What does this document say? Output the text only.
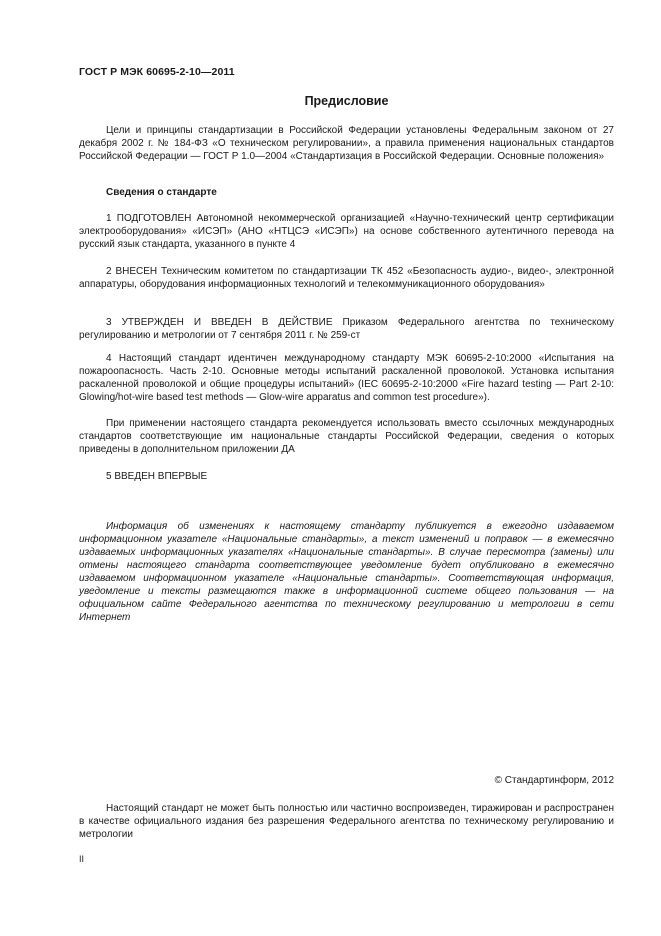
ГОСТ Р МЭК 60695-2-10—2011
Предисловие
Цели и принципы стандартизации в Российской Федерации установлены Федеральным законом от 27 декабря 2002 г. № 184-ФЗ «О техническом регулировании», а правила применения национальных стандартов Российской Федерации — ГОСТ Р 1.0—2004 «Стандартизация в Российской Федерации. Основные положения»
Сведения о стандарте
1 ПОДГОТОВЛЕН Автономной некоммерческой организацией «Научно-технический центр сертификации электрооборудования» «ИСЭП» (АНО «НТЦСЭ «ИСЭП») на основе собственного аутентичного перевода на русский язык стандарта, указанного в пункте 4
2 ВНЕСЕН Техническим комитетом по стандартизации ТК 452 «Безопасность аудио-, видео-, электронной аппаратуры, оборудования информационных технологий и телекоммуникационного оборудования»
3 УТВЕРЖДЕН И ВВЕДЕН В ДЕЙСТВИЕ Приказом Федерального агентства по техническому регулированию и метрологии от 7 сентября 2011 г. № 259-ст
4 Настоящий стандарт идентичен международному стандарту МЭК 60695-2-10:2000 «Испытания на пожароопасность. Часть 2-10. Основные методы испытаний раскаленной проволокой. Установка испытания раскаленной проволокой и общие процедуры испытаний» (IEC 60695-2-10:2000 «Fire hazard testing — Part 2-10: Glowing/hot-wire based test methods — Glow-wire apparatus and common test procedure»).
При применении настоящего стандарта рекомендуется использовать вместо ссылочных международных стандартов соответствующие им национальные стандарты Российской Федерации, сведения о которых приведены в дополнительном приложении ДА
5 ВВЕДЕН ВПЕРВЫЕ
Информация об изменениях к настоящему стандарту публикуется в ежегодно издаваемом информационном указателе «Национальные стандарты», а текст изменений и поправок — в ежемесячно издаваемых информационных указателях «Национальные стандарты». В случае пересмотра (замены) или отмены настоящего стандарта соответствующее уведомление будет опубликовано в ежемесячно издаваемом информационном указателе «Национальные стандарты». Соответствующая информация, уведомление и тексты размещаются также в информационной системе общего пользования — на официальном сайте Федерального агентства по техническому регулированию и метрологии в сети Интернет
© Стандартинформ, 2012
Настоящий стандарт не может быть полностью или частично воспроизведен, тиражирован и распространен в качестве официального издания без разрешения Федерального агентства по техническому регулированию и метрологии
II
